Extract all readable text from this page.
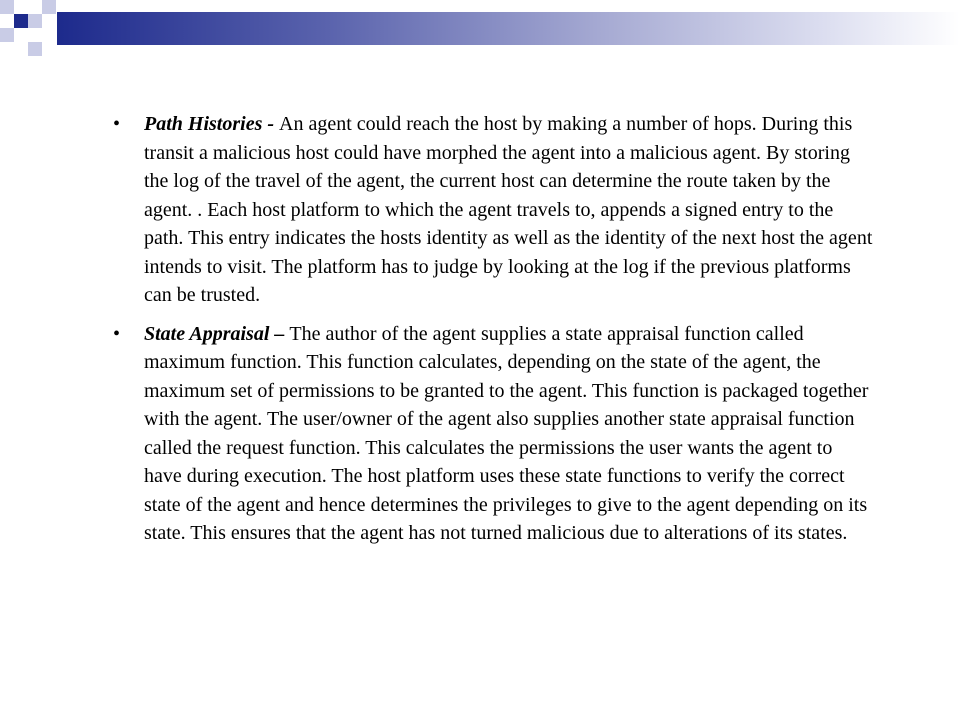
• Path Histories - An agent could reach the host by making a number of hops. During this transit a malicious host could have morphed the agent into a malicious agent. By storing the log of the travel of the agent, the current host can determine the route taken by the agent. . Each host platform to which the agent travels to, appends a signed entry to the path. This entry indicates the hosts identity as well as the identity of the next host the agent intends to visit. The platform has to judge by looking at the log if the previous platforms can be trusted.
• State Appraisal – The author of the agent supplies a state appraisal function called maximum function. This function calculates, depending on the state of the agent, the maximum set of permissions to be granted to the agent. This function is packaged together with the agent. The user/owner of the agent also supplies another state appraisal function called the request function. This calculates the permissions the user wants the agent to have during execution. The host platform uses these state functions to verify the correct state of the agent and hence determines the privileges to give to the agent depending on its state. This ensures that the agent has not turned malicious due to alterations of its states.
